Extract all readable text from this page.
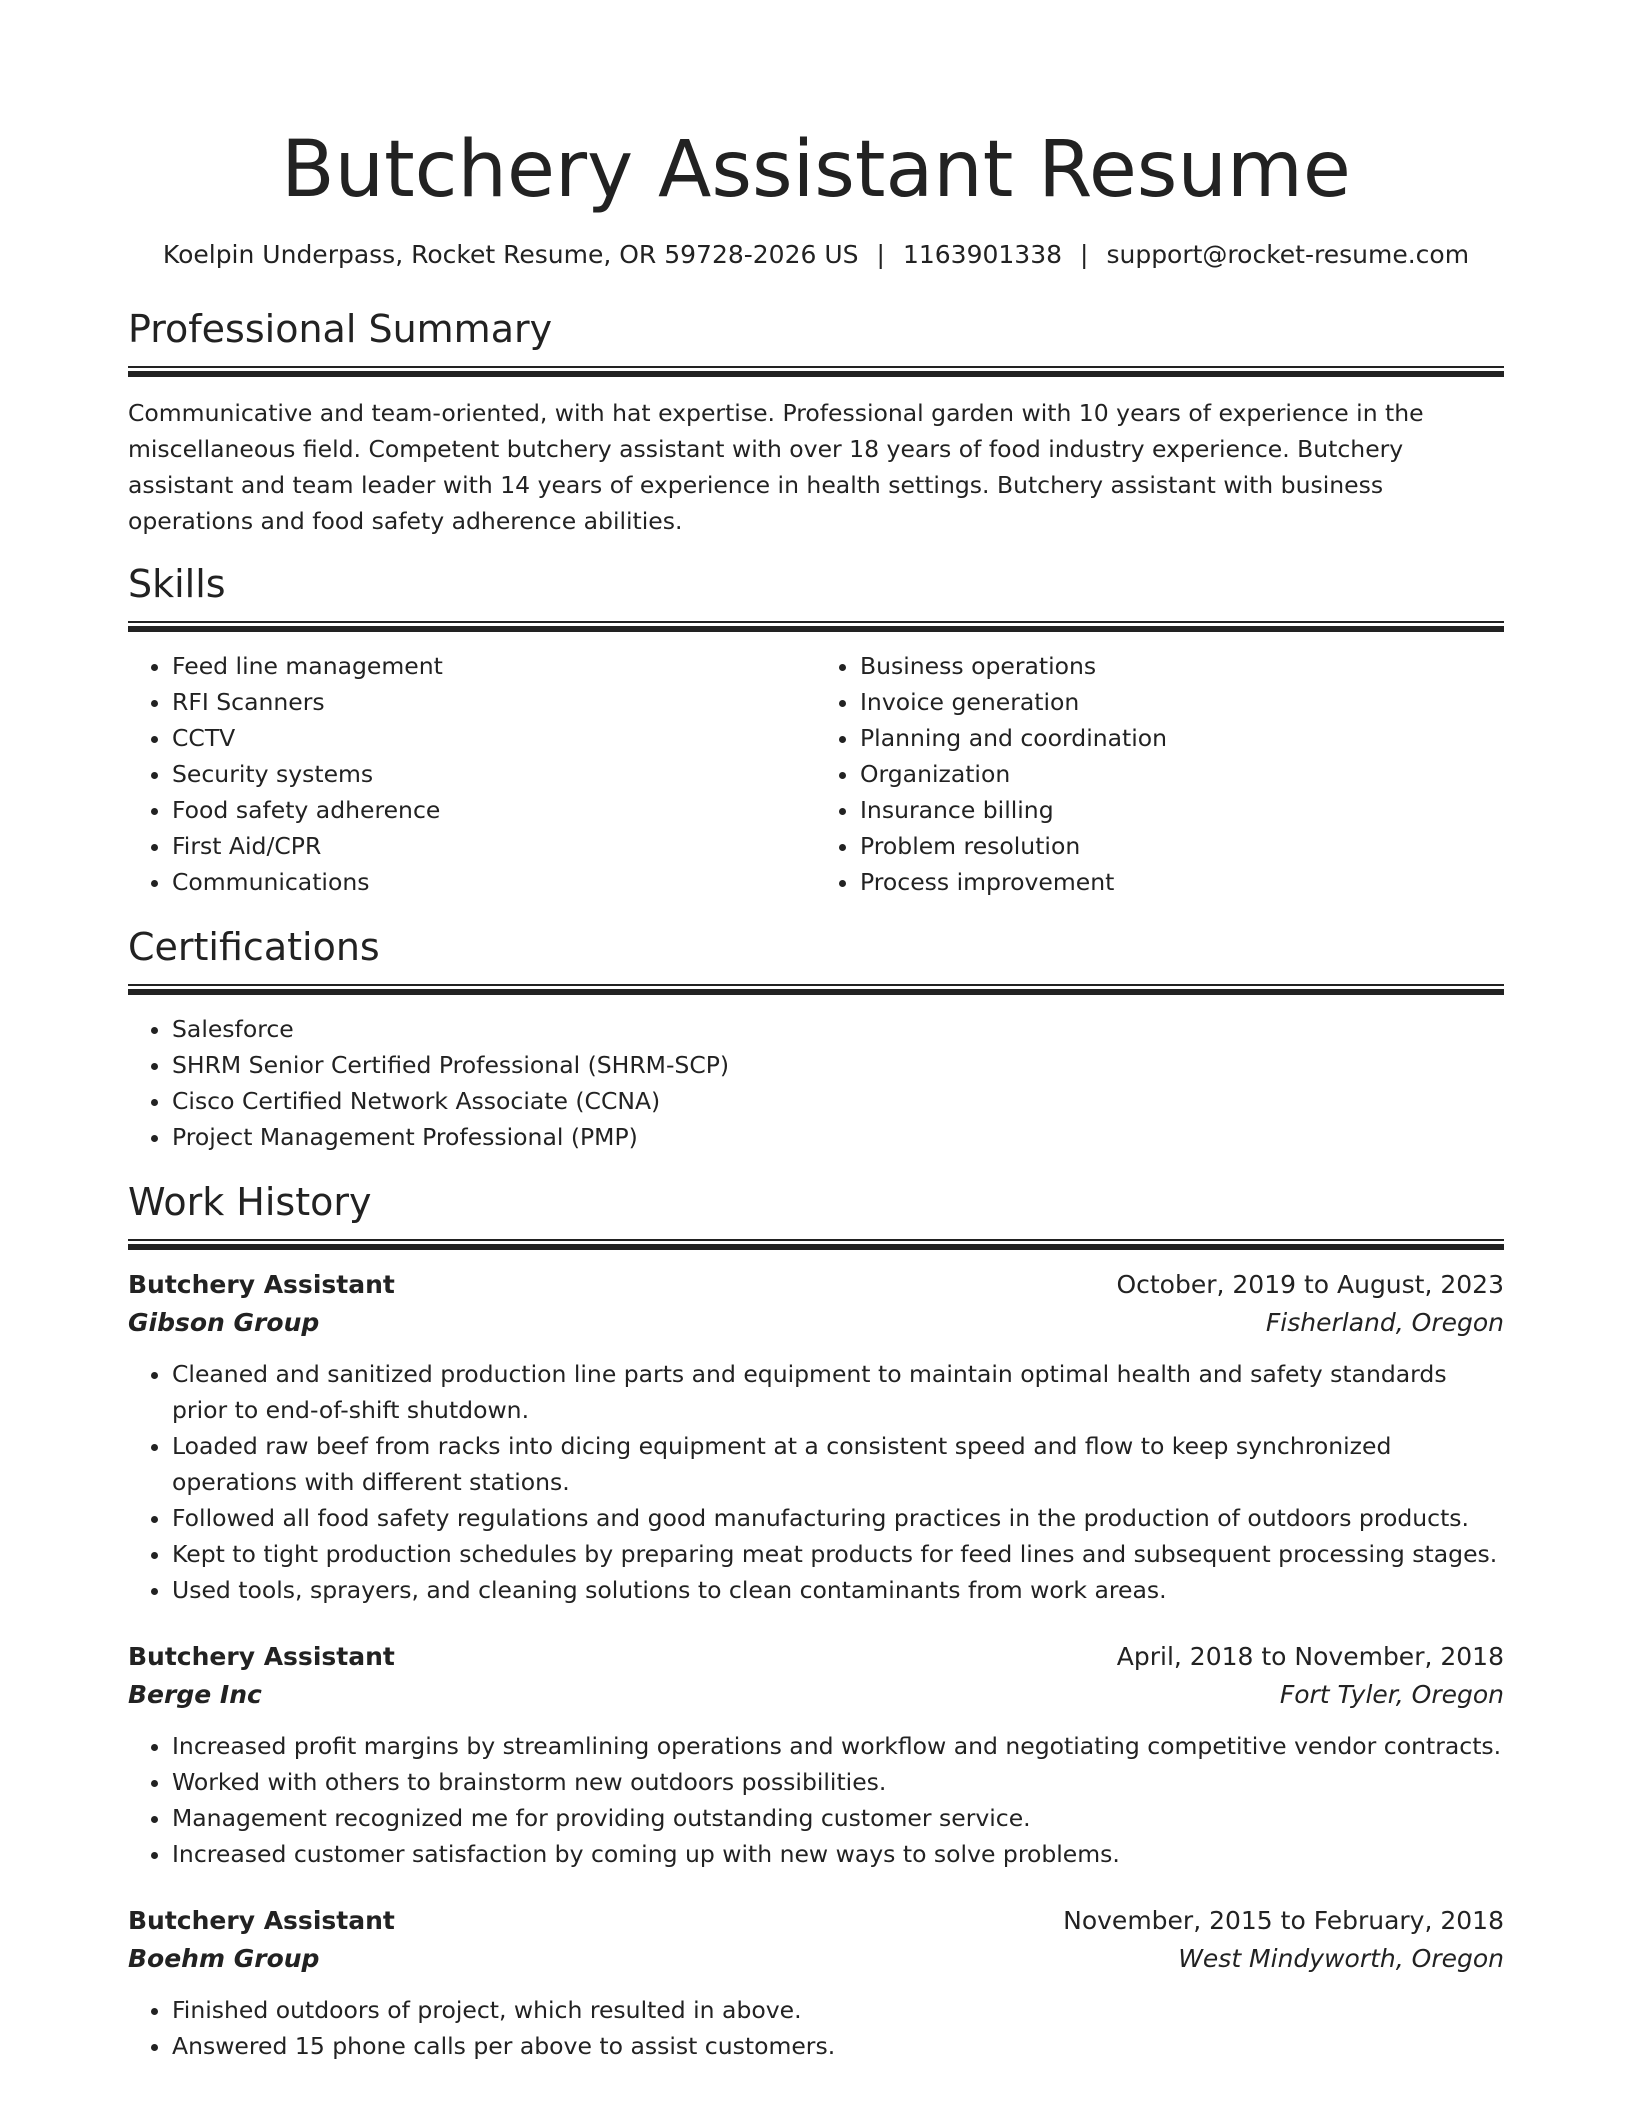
Butchery Assistant Resume
Koelpin Underpass, Rocket Resume, OR 59728-2026 US | 1163901338 | support@rocket-resume.com
Professional Summary

Communicative and team-oriented, with hat expertise. Professional garden with 10 years of experience in the miscellaneous field. Competent butchery assistant with over 18 years of food industry experience. Butchery assistant and team leader with 14 years of experience in health settings. Butchery assistant with business operations and food safety adherence abilities.

Skills
• Feed line management
• RFI Scanners
• CCTV
• Security systems
• Food safety adherence
• First Aid/CPR
• Communications
• Business operations
• Invoice generation
• Planning and coordination
• Organization
• Insurance billing
• Problem resolution
• Process improvement
Certifications
• Salesforce
• SHRM Senior Certified Professional (SHRM-SCP)
• Cisco Certified Network Associate (CCNA)
• Project Management Professional (PMP)
Work History
Butchery Assistant	October, 2019 to August, 2023
Gibson Group	Fisherland, Oregon
• Cleaned and sanitized production line parts and equipment to maintain optimal health and safety standards prior to end-of-shift shutdown.
• Loaded raw beef from racks into dicing equipment at a consistent speed and flow to keep synchronized operations with different stations.
• Followed all food safety regulations and good manufacturing practices in the production of outdoors products.
• Kept to tight production schedules by preparing meat products for feed lines and subsequent processing stages.
• Used tools, sprayers, and cleaning solutions to clean contaminants from work areas.
Butchery Assistant	April, 2018 to November, 2018
Berge Inc	Fort Tyler, Oregon
• Increased profit margins by streamlining operations and workflow and negotiating competitive vendor contracts.
• Worked with others to brainstorm new outdoors possibilities.
• Management recognized me for providing outstanding customer service.
• Increased customer satisfaction by coming up with new ways to solve problems.
Butchery Assistant	November, 2015 to February, 2018
Boehm Group	West Mindyworth, Oregon
• Finished outdoors of project, which resulted in above.
• Answered 15 phone calls per above to assist customers.
